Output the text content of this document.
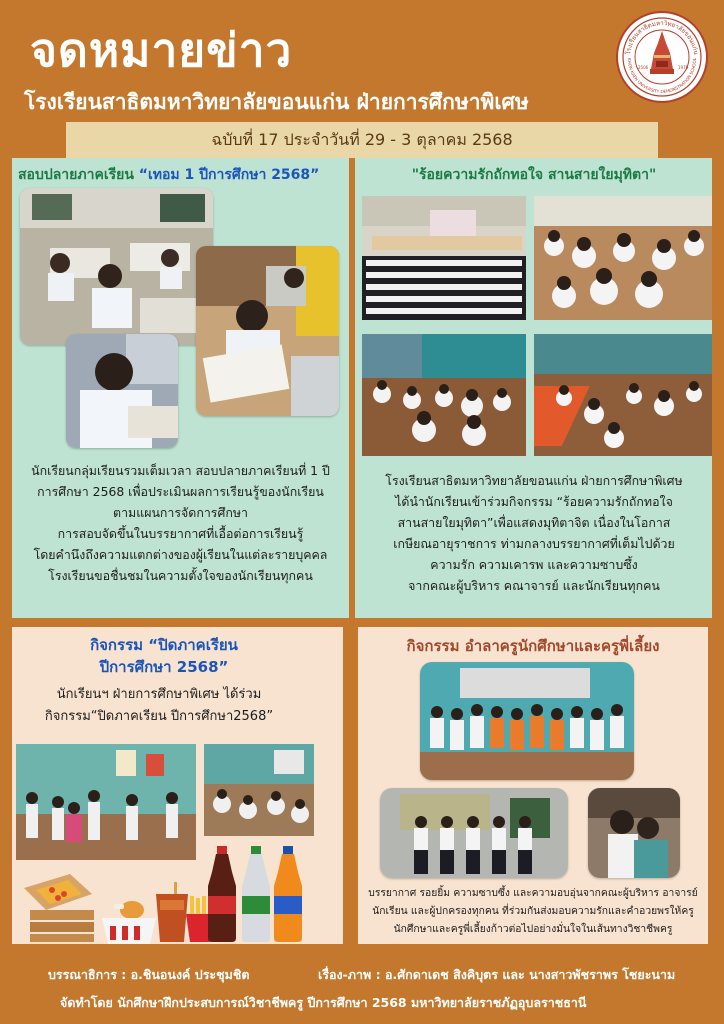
จดหมายข่าว
โรงเรียนสาธิตมหาวิทยาลัยขอนแก่น ฝ่ายการศึกษาพิเศษ
โรงเรียนสาธิตมหาวิทยาลัยขอนแก่น
KHON KAEN UNIVERSITY DEMONSTRATION SCHOOL
2506	1970
ฉบับที่ 17 ประจำวันที่ 29 - 3 ตุลาคม 2568
สอบปลายภาคเรียน “เทอม 1 ปีการศึกษา 2568”
นักเรียนกลุ่มเรียนรวมเต็มเวลา สอบปลายภาคเรียนที่ 1 ปี
การศึกษา 2568 เพื่อประเมินผลการเรียนรู้ของนักเรียน
ตามแผนการจัดการศึกษา
การสอบจัดขึ้นในบรรยากาศที่เอื้อต่อการเรียนรู้
โดยคำนึงถึงความแตกต่างของผู้เรียนในแต่ละรายบุคคล
โรงเรียนขอชื่นชมในความตั้งใจของนักเรียนทุกคน
"ร้อยความรักถักทอใจ สานสายใยมุทิตา"
โรงเรียนสาธิตมหาวิทยาลัยขอนแก่น ฝ่ายการศึกษาพิเศษ
ได้นำนักเรียนเข้าร่วมกิจกรรม “ร้อยความรักถักทอใจ
สานสายใยมุทิตา”เพื่อแสดงมุทิตาจิต เนื่องในโอกาส
เกษียณอายุราชการ ท่ามกลางบรรยากาศที่เต็มไปด้วย
ความรัก ความเคารพ และความซาบซึ้ง
จากคณะผู้บริหาร คณาจารย์ และนักเรียนทุกคน
กิจกรรม “ปิดภาคเรียน
ปีการศึกษา 2568”
นักเรียนฯ ฝ่ายการศึกษาพิเศษ ได้ร่วม
กิจกรรม“ปิดภาคเรียน ปีการศึกษา2568”
กิจกรรม อำลาครูนักศึกษาและครูพี่เลี้ยง
บรรยากาศ รอยยิ้ม ความซาบซึ้ง และความอบอุ่นจากคณะผู้บริหาร อาจารย์
นักเรียน และผู้ปกครองทุกคน ที่ร่วมกันส่งมอบความรักและคำอวยพรให้ครู
นักศึกษาและครูพี่เลี้ยงก้าวต่อไปอย่างมั่นใจในเส้นทางวิชาชีพครู
บรรณาธิการ : อ.ชินอนงค์ ประชุมชิต	เรื่อง-ภาพ : อ.ศักดาเดช สิงคิบุตร และ นางสาวพัชราพร โชยะนาม
จัดทำโดย นักศึกษาฝึกประสบการณ์วิชาชีพครู ปีการศึกษา 2568 มหาวิทยาลัยราชภัฏอุบลราชธานี
